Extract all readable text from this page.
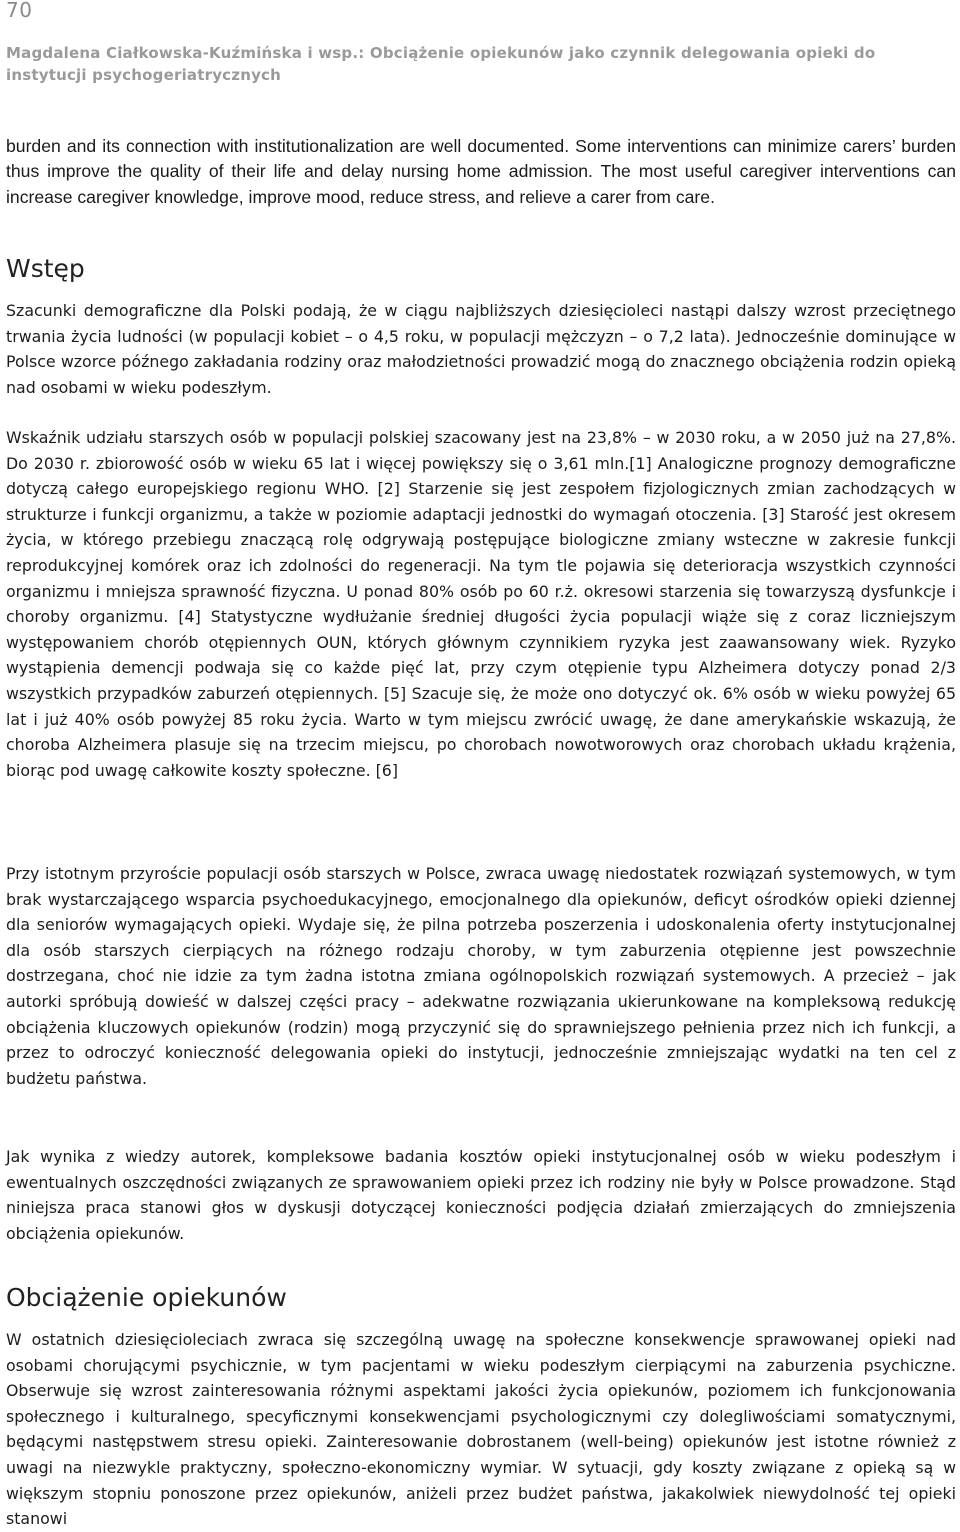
70
Magdalena Ciałkowska-Kuźmińska i wsp.: Obciążenie opiekunów jako czynnik delegowania opieki do instytucji psychogeriatrycznych

burden and its connection with institutionalization are well documented. Some interventions can minimize carers’ burden thus improve the quality of their life and delay nursing home admission. The most useful caregiver interventions can increase caregiver knowledge, improve mood, reduce stress, and relieve a carer from care.

Wstęp

Szacunki demograficzne dla Polski podają, że w ciągu najbliższych dziesięcioleci nastąpi dalszy wzrost przeciętnego trwania życia ludności (w populacji kobiet – o 4,5 roku, w populacji mężczyzn – o 7,2 lata). Jednocześnie dominujące w Polsce wzorce późnego zakładania rodziny oraz małodzietności prowadzić mogą do znacznego obciążenia rodzin opieką nad osobami w wieku podeszłym.

Wskaźnik udziału starszych osób w populacji polskiej szacowany jest na 23,8% – w 2030 roku, a w 2050 już na 27,8%. Do 2030 r. zbiorowość osób w wieku 65 lat i więcej powiększy się o 3,61 mln.[1] Analogiczne prognozy demograficzne dotyczą całego europejskiego regionu WHO. [2] Starzenie się jest zespołem fizjologicznych zmian zachodzących w strukturze i funkcji organizmu, a także w poziomie adaptacji jednostki do wymagań otoczenia. [3] Starość jest okresem życia, w którego przebiegu znaczącą rolę odgrywają postępujące biologiczne zmiany wsteczne w zakresie funkcji reprodukcyjnej komórek oraz ich zdolności do regeneracji. Na tym tle pojawia się deterioracja wszystkich czynności organizmu i mniejsza sprawność fizyczna. U ponad 80% osób po 60 r.ż. okresowi starzenia się towarzyszą dysfunkcje i choroby organizmu. [4] Statystyczne wydłużanie średniej długości życia populacji wiąże się z coraz liczniejszym występowaniem chorób otępiennych OUN, których głównym czynnikiem ryzyka jest zaawansowany wiek. Ryzyko wystąpienia demencji podwaja się co każde pięć lat, przy czym otępienie typu Alzheimera dotyczy ponad 2/3 wszystkich przypadków zaburzeń otępiennych. [5] Szacuje się, że może ono dotyczyć ok. 6% osób w wieku powyżej 65 lat i już 40% osób powyżej 85 roku życia. Warto w tym miejscu zwrócić uwagę, że dane amerykańskie wskazują, że choroba Alzheimera plasuje się na trzecim miejscu, po chorobach nowotworowych oraz chorobach układu krążenia, biorąc pod uwagę całkowite koszty społeczne. [6]

Przy istotnym przyroście populacji osób starszych w Polsce, zwraca uwagę niedostatek rozwiązań systemowych, w tym brak wystarczającego wsparcia psychoedukacyjnego, emocjonalnego dla opiekunów, deficyt ośrodków opieki dziennej dla seniorów wymagających opieki. Wydaje się, że pilna potrzeba poszerzenia i udoskonalenia oferty instytucjonalnej dla osób starszych cierpiących na różnego rodzaju choroby, w tym zaburzenia otępienne jest powszechnie dostrzegana, choć nie idzie za tym żadna istotna zmiana ogólnopolskich rozwiązań systemowych. A przecież – jak autorki spróbują dowieść w dalszej części pracy – adekwatne rozwiązania ukierunkowane na kompleksową redukcję obciążenia kluczowych opiekunów (rodzin) mogą przyczynić się do sprawniejszego pełnienia przez nich ich funkcji, a przez to odroczyć konieczność delegowania opieki do instytucji, jednocześnie zmniejszając wydatki na ten cel z budżetu państwa.

Jak wynika z wiedzy autorek, kompleksowe badania kosztów opieki instytucjonalnej osób w wieku podeszłym i ewentualnych oszczędności związanych ze sprawowaniem opieki przez ich rodziny nie były w Polsce prowadzone. Stąd niniejsza praca stanowi głos w dyskusji dotyczącej konieczności podjęcia działań zmierzających do zmniejszenia obciążenia opiekunów.

Obciążenie opiekunów

W ostatnich dziesięcioleciach zwraca się szczególną uwagę na społeczne konsekwencje sprawowanej opieki nad osobami chorującymi psychicznie, w tym pacjentami w wieku podeszłym cierpiącymi na zaburzenia psychiczne. Obserwuje się wzrost zainteresowania różnymi aspektami jakości życia opiekunów, poziomem ich funkcjonowania społecznego i kulturalnego, specyficznymi konsekwencjami psychologicznymi czy dolegliwościami somatycznymi, będącymi następstwem stresu opieki. Zainteresowanie dobrostanem (well-being) opiekunów jest istotne również z uwagi na niezwykle praktyczny, społeczno-ekonomiczny wymiar. W sytuacji, gdy koszty związane z opieką są w większym stopniu ponoszone przez opiekunów, aniżeli przez budżet państwa, jakakolwiek niewydolność tej opieki stanowi
